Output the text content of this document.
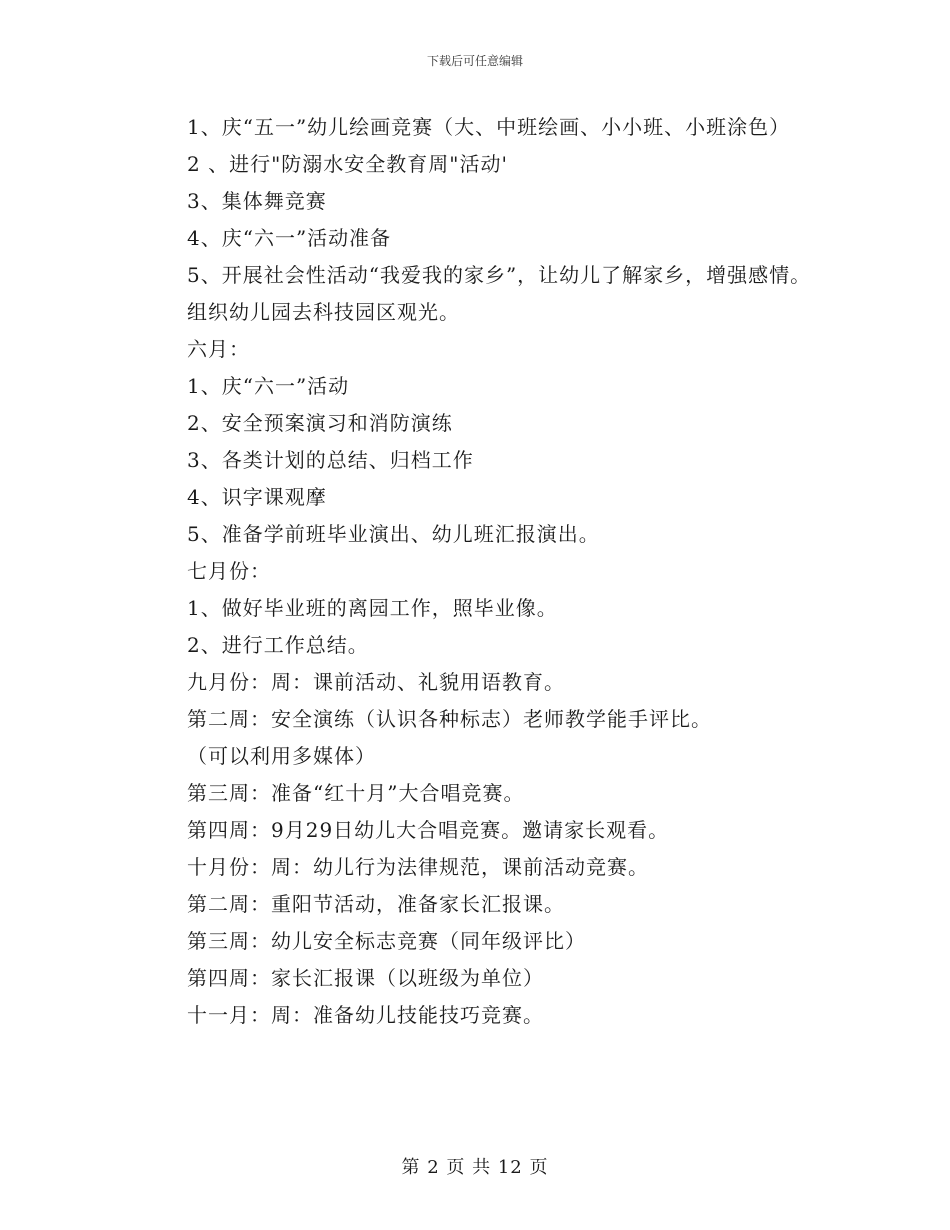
下载后可任意编辑

1、庆“五一”幼儿绘画竞赛（大、中班绘画、小小班、小班涂色）

2 、进行"防溺水安全教育周"活动'

3、集体舞竞赛

4、庆“六一”活动准备

5、开展社会性活动“我爱我的家乡”，让幼儿了解家乡，增强感情。

组织幼儿园去科技园区观光。

六月：

1、庆“六一”活动

2、安全预案演习和消防演练

3、各类计划的总结、归档工作

4、识字课观摩

5、准备学前班毕业演出、幼儿班汇报演出。

七月份：

1、做好毕业班的离园工作，照毕业像。

2、进行工作总结。

九月份：周：课前活动、礼貌用语教育。

第二周：安全演练（认识各种标志）老师教学能手评比。

（可以利用多媒体）

第三周：准备“红十月”大合唱竞赛。

第四周：9月29日幼儿大合唱竞赛。邀请家长观看。

十月份：周：幼儿行为法律规范，课前活动竞赛。

第二周：重阳节活动，准备家长汇报课。

第三周：幼儿安全标志竞赛（同年级评比）

第四周：家长汇报课（以班级为单位）

十一月：周：准备幼儿技能技巧竞赛。

第 2 页 共 12 页
